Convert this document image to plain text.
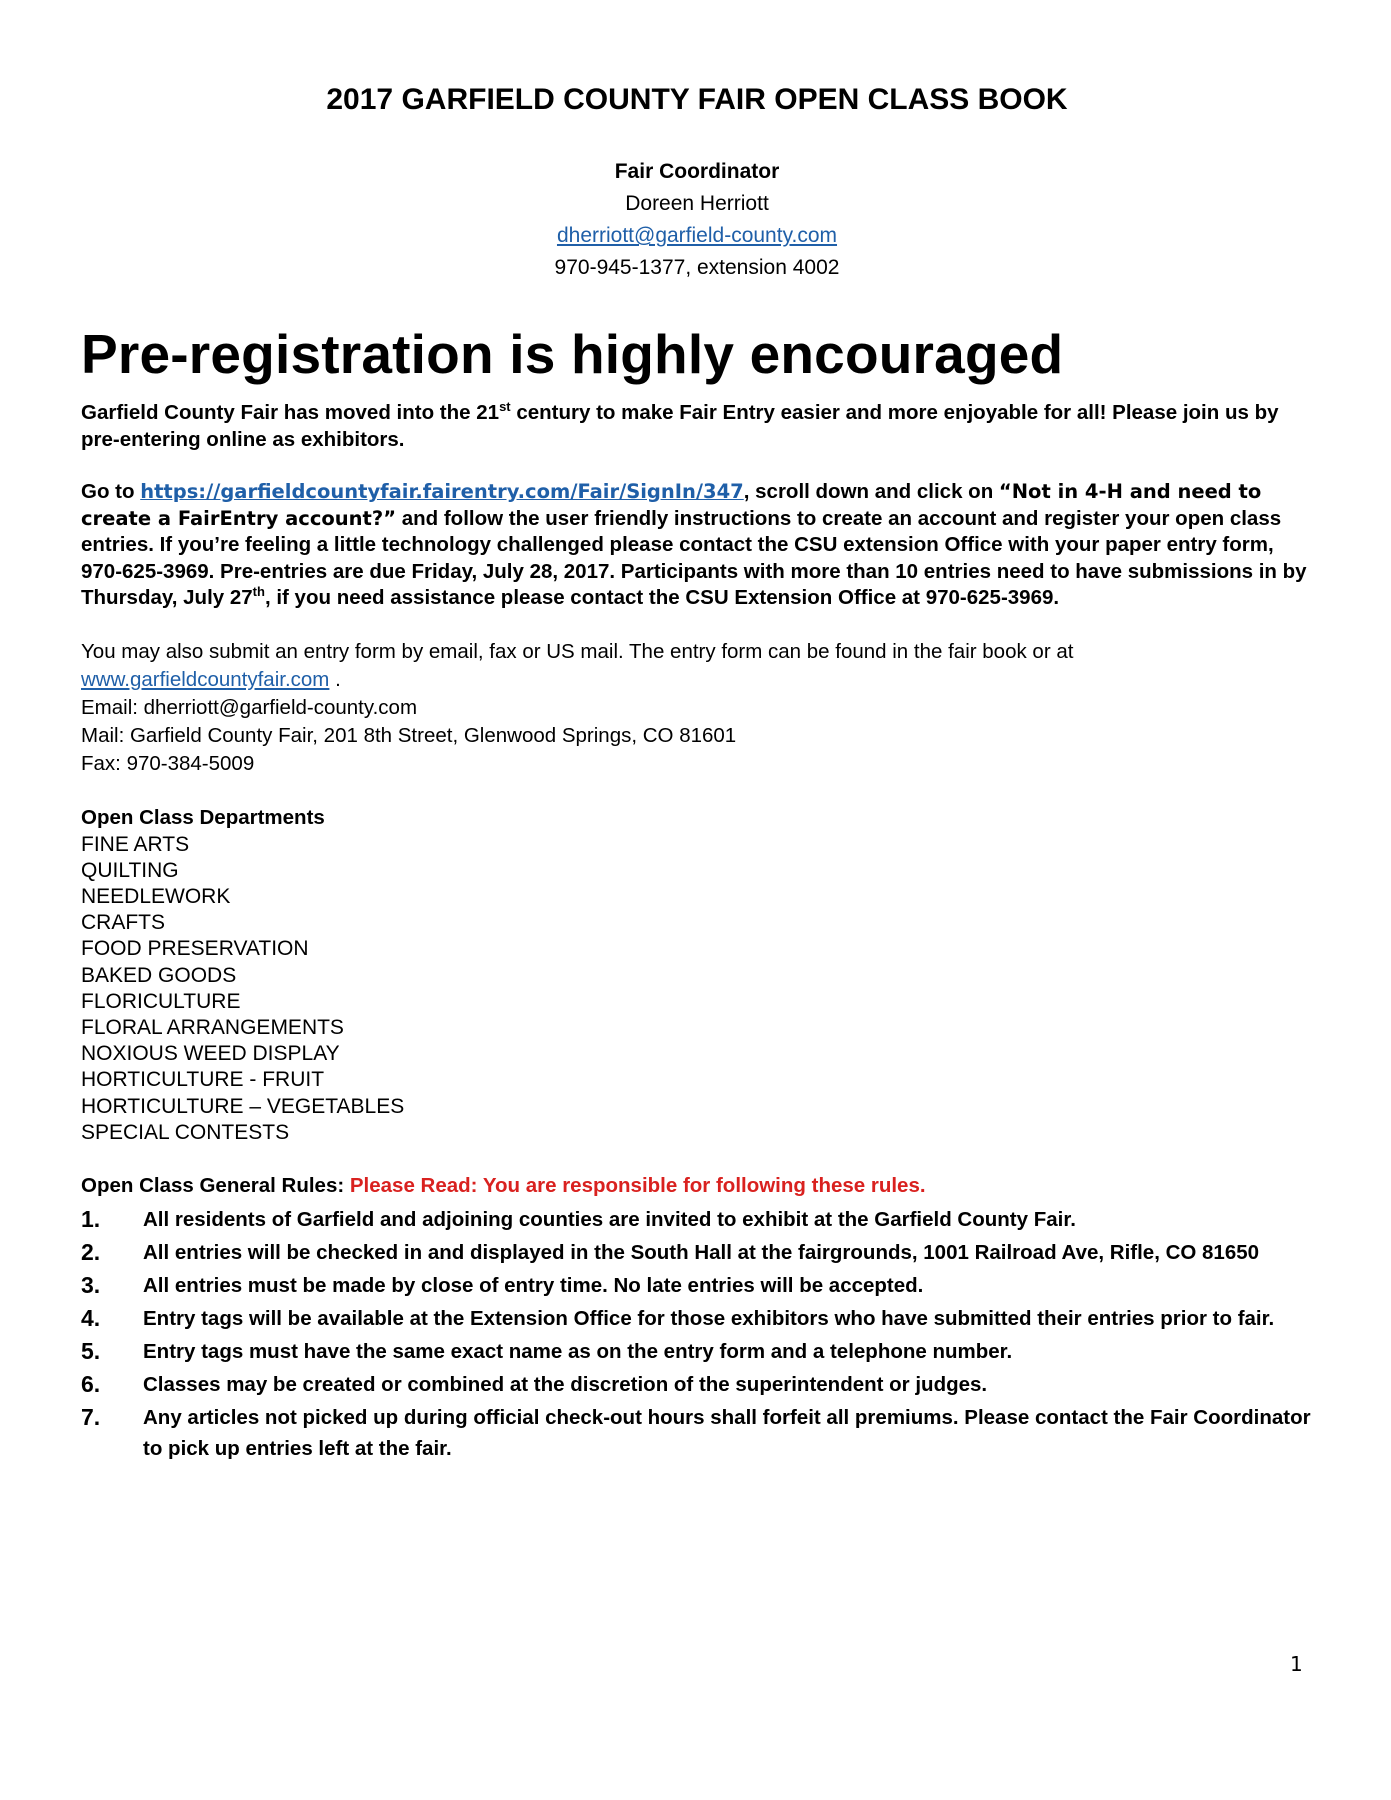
2017 GARFIELD COUNTY FAIR OPEN CLASS BOOK
Fair Coordinator
Doreen Herriott
dherriott@garfield-county.com
970-945-1377, extension 4002
Pre-registration is highly encouraged
Garfield County Fair has moved into the 21st century to make Fair Entry easier and more enjoyable for all! Please join us by pre-entering online as exhibitors.
Go to https://garfieldcountyfair.fairentry.com/Fair/SignIn/347, scroll down and click on “Not in 4-H and need to create a FairEntry account?” and follow the user friendly instructions to create an account and register your open class entries. If you’re feeling a little technology challenged please contact the CSU extension Office with your paper entry form, 970-625-3969. Pre-entries are due Friday, July 28, 2017. Participants with more than 10 entries need to have submissions in by Thursday, July 27th, if you need assistance please contact the CSU Extension Office at 970-625-3969.
You may also submit an entry form by email, fax or US mail. The entry form can be found in the fair book or at
www.garfieldcountyfair.com .
Email: dherriott@garfield-county.com
Mail: Garfield County Fair, 201 8th Street, Glenwood Springs, CO 81601
Fax: 970-384-5009
Open Class Departments
FINE ARTS
QUILTING
NEEDLEWORK
CRAFTS
FOOD PRESERVATION
BAKED GOODS
FLORICULTURE
FLORAL ARRANGEMENTS
NOXIOUS WEED DISPLAY
HORTICULTURE - FRUIT
HORTICULTURE – VEGETABLES
SPECIAL CONTESTS
Open Class General Rules: Please Read: You are responsible for following these rules.
1.	All residents of Garfield and adjoining counties are invited to exhibit at the Garfield County Fair.
2.	All entries will be checked in and displayed in the South Hall at the fairgrounds, 1001 Railroad Ave, Rifle, CO 81650
3.	All entries must be made by close of entry time. No late entries will be accepted.
4.	Entry tags will be available at the Extension Office for those exhibitors who have submitted their entries prior to fair.
5.	Entry tags must have the same exact name as on the entry form and a telephone number.
6.	Classes may be created or combined at the discretion of the superintendent or judges.
7.	Any articles not picked up during official check-out hours shall forfeit all premiums. Please contact the Fair Coordinator to pick up entries left at the fair.
1
